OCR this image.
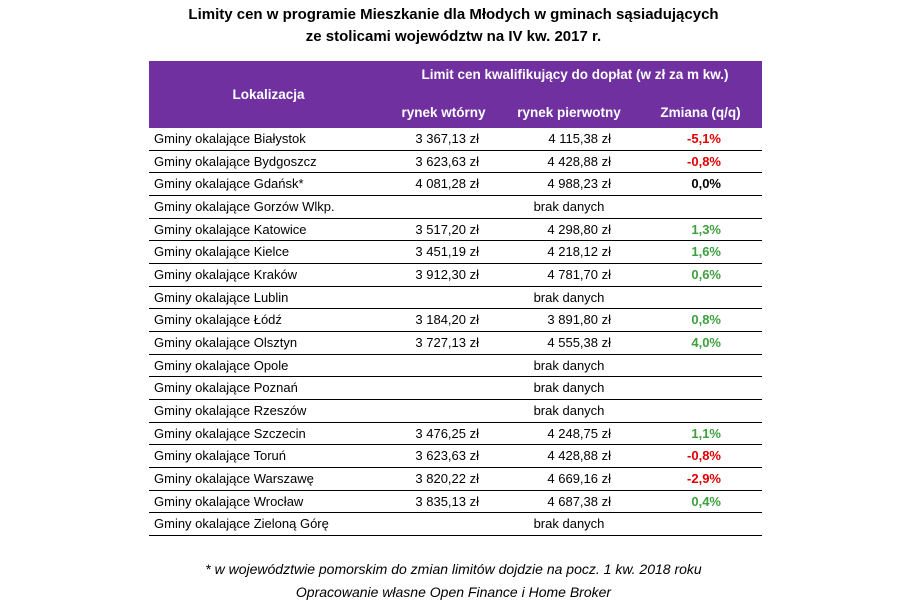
Limity cen w programie Mieszkanie dla Młodych w gminach sąsiadujących
ze stolicami województw na IV kw. 2017 r.
Lokalizacja
Limit cen kwalifikujący do dopłat (w zł za m kw.)
rynek wtórny	rynek pierwotny	Zmiana (q/q)
Gminy okalające Białystok	3 367,13 zł	4 115,38 zł	-5,1%
Gminy okalające Bydgoszcz	3 623,63 zł	4 428,88 zł	-0,8%
Gminy okalające Gdańsk*	4 081,28 zł	4 988,23 zł	0,0%
Gminy okalające Gorzów Wlkp.	brak danych
Gminy okalające Katowice	3 517,20 zł	4 298,80 zł	1,3%
Gminy okalające Kielce	3 451,19 zł	4 218,12 zł	1,6%
Gminy okalające Kraków	3 912,30 zł	4 781,70 zł	0,6%
Gminy okalające Lublin	brak danych
Gminy okalające Łódź	3 184,20 zł	3 891,80 zł	0,8%
Gminy okalające Olsztyn	3 727,13 zł	4 555,38 zł	4,0%
Gminy okalające Opole	brak danych
Gminy okalające Poznań	brak danych
Gminy okalające Rzeszów	brak danych
Gminy okalające Szczecin	3 476,25 zł	4 248,75 zł	1,1%
Gminy okalające Toruń	3 623,63 zł	4 428,88 zł	-0,8%
Gminy okalające Warszawę	3 820,22 zł	4 669,16 zł	-2,9%
Gminy okalające Wrocław	3 835,13 zł	4 687,38 zł	0,4%
Gminy okalające Zieloną Górę	brak danych
* w województwie pomorskim do zmian limitów dojdzie na pocz. 1 kw. 2018 roku
Opracowanie własne Open Finance i Home Broker
